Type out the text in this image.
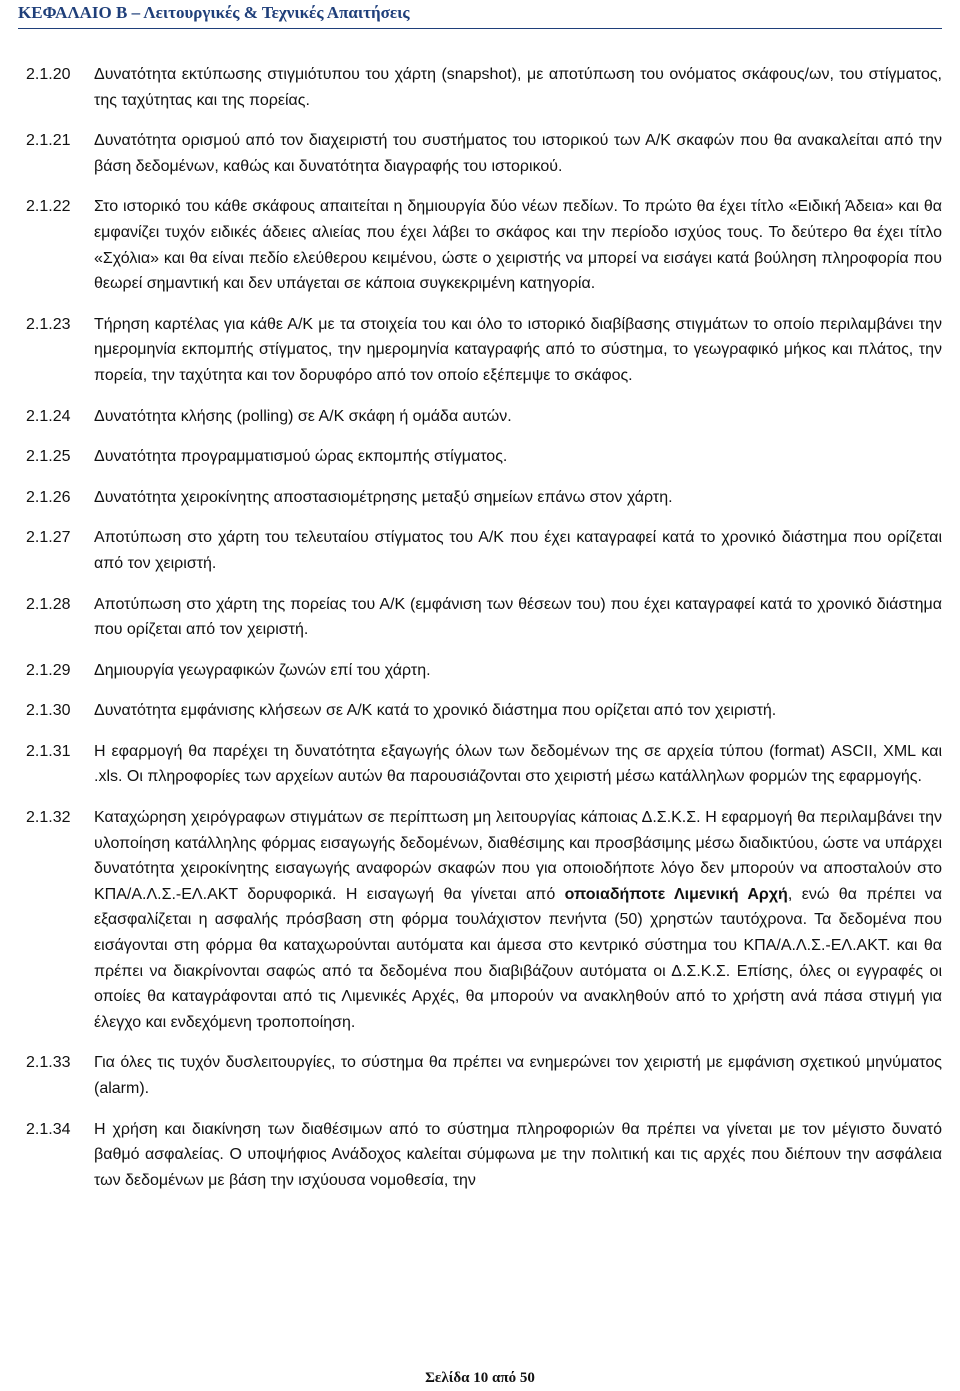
ΚΕΦΑΛΑΙΟ Β – Λειτουργικές & Τεχνικές Απαιτήσεις
2.1.20	Δυνατότητα εκτύπωσης στιγμιότυπου του χάρτη (snapshot), με αποτύπωση του ονόματος σκάφους/ων, του στίγματος, της ταχύτητας και της πορείας.
2.1.21	Δυνατότητα ορισμού από τον διαχειριστή του συστήματος του ιστορικού των Α/Κ σκαφών που θα ανακαλείται από την βάση δεδομένων, καθώς και δυνατότητα διαγραφής του ιστορικού.
2.1.22	Στο ιστορικό του κάθε σκάφους απαιτείται η δημιουργία δύο νέων πεδίων. Το πρώτο θα έχει τίτλο «Ειδική Άδεια» και θα εμφανίζει τυχόν ειδικές άδειες αλιείας που έχει λάβει το σκάφος και την περίοδο ισχύος τους. Το δεύτερο θα έχει τίτλο «Σχόλια» και θα είναι πεδίο ελεύθερου κειμένου, ώστε ο χειριστής να μπορεί να εισάγει κατά βούληση πληροφορία που θεωρεί σημαντική και δεν υπάγεται σε κάποια συγκεκριμένη κατηγορία.
2.1.23	Τήρηση καρτέλας για κάθε Α/Κ με τα στοιχεία του και όλο το ιστορικό διαβίβασης στιγμάτων το οποίο περιλαμβάνει την ημερομηνία εκπομπής στίγματος, την ημερομηνία καταγραφής από το σύστημα, το γεωγραφικό μήκος και πλάτος, την πορεία, την ταχύτητα και τον δορυφόρο από τον οποίο εξέπεμψε το σκάφος.
2.1.24	Δυνατότητα κλήσης (polling) σε Α/Κ σκάφη ή ομάδα αυτών.
2.1.25	Δυνατότητα προγραμματισμού ώρας εκπομπής στίγματος.
2.1.26	Δυνατότητα χειροκίνητης αποστασιομέτρησης μεταξύ σημείων επάνω στον χάρτη.
2.1.27	Αποτύπωση στο χάρτη του τελευταίου στίγματος του Α/Κ που έχει καταγραφεί κατά το χρονικό διάστημα που ορίζεται από τον χειριστή.
2.1.28	Αποτύπωση στο χάρτη της πορείας του Α/Κ (εμφάνιση των θέσεων του) που έχει καταγραφεί κατά το χρονικό διάστημα που ορίζεται από τον χειριστή.
2.1.29	Δημιουργία γεωγραφικών ζωνών επί του χάρτη.
2.1.30	Δυνατότητα εμφάνισης κλήσεων σε Α/Κ κατά το χρονικό διάστημα που ορίζεται από τον χειριστή.
2.1.31	Η εφαρμογή θα παρέχει τη δυνατότητα εξαγωγής όλων των δεδομένων της σε αρχεία τύπου (format) ASCII, XML και .xls. Οι πληροφορίες των αρχείων αυτών θα παρουσιάζονται στο χειριστή μέσω κατάλληλων φορμών της εφαρμογής.
2.1.32	Καταχώρηση χειρόγραφων στιγμάτων σε περίπτωση μη λειτουργίας κάποιας Δ.Σ.Κ.Σ. Η εφαρμογή θα περιλαμβάνει την υλοποίηση κατάλληλης φόρμας εισαγωγής δεδομένων, διαθέσιμης και προσβάσιμης μέσω διαδικτύου, ώστε να υπάρχει δυνατότητα χειροκίνητης εισαγωγής αναφορών σκαφών που για οποιοδήποτε λόγο δεν μπορούν να αποσταλούν στο ΚΠΑ/Α.Λ.Σ.-ΕΛ.ΑΚΤ δορυφορικά. Η εισαγωγή θα γίνεται από οποιαδήποτε Λιμενική Αρχή, ενώ θα πρέπει να εξασφαλίζεται η ασφαλής πρόσβαση στη φόρμα τουλάχιστον πενήντα (50) χρηστών ταυτόχρονα. Τα δεδομένα που εισάγονται στη φόρμα θα καταχωρούνται αυτόματα και άμεσα στο κεντρικό σύστημα του ΚΠΑ/Α.Λ.Σ.-ΕΛ.ΑΚΤ. και θα πρέπει να διακρίνονται σαφώς από τα δεδομένα που διαβιβάζουν αυτόματα οι Δ.Σ.Κ.Σ. Επίσης, όλες οι εγγραφές οι οποίες θα καταγράφονται από τις Λιμενικές Αρχές, θα μπορούν να ανακληθούν από το χρήστη ανά πάσα στιγμή για έλεγχο και ενδεχόμενη τροποποίηση.
2.1.33	Για όλες τις τυχόν δυσλειτουργίες, το σύστημα θα πρέπει να ενημερώνει τον χειριστή με εμφάνιση σχετικού μηνύματος (alarm).
2.1.34	Η χρήση και διακίνηση των διαθέσιμων από το σύστημα πληροφοριών θα πρέπει να γίνεται με τον μέγιστο δυνατό βαθμό ασφαλείας. Ο υποψήφιος Ανάδοχος καλείται σύμφωνα με την πολιτική και τις αρχές που διέπουν την ασφάλεια των δεδομένων με βάση την ισχύουσα νομοθεσία, την
Σελίδα 10 από 50
